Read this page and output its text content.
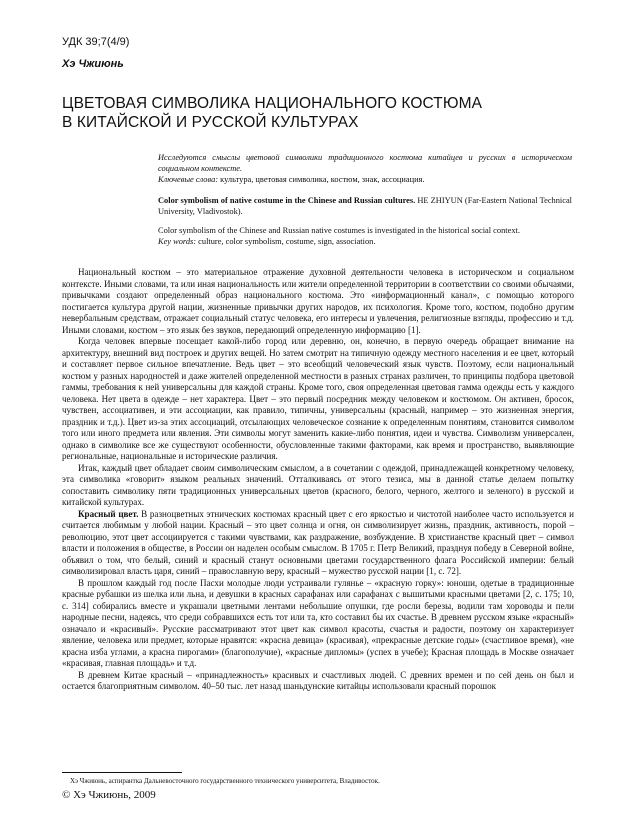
УДК 39;7(4/9)
Хэ Чжиюнь
ЦВЕТОВАЯ СИМВОЛИКА НАЦИОНАЛЬНОГО КОСТЮМА
В КИТАЙСКОЙ И РУССКОЙ КУЛЬТУРАХ

Исследуются смыслы цветовой символики традиционного костюма китайцев и русских в историческом социальном контексте.
Ключевые слова: культура, цветовая символика, костюм, знак, ассоциация.

Color symbolism of native costume in the Chinese and Russian cultures. HE ZHIYUN (Far-Eastern National Technical University, Vladivostok).

Color symbolism of the Chinese and Russian native costumes is investigated in the historical social context.
Key words: culture, color symbolism, costume, sign, association.

Национальный костюм – это материальное отражение духовной деятельности человека в историческом и социальном контексте. Иными словами, та или иная национальность или жители определенной территории в соответствии со своими обычаями, привычками создают определенный образ национального костюма. Это «информационный канал», с помощью которого постигается культура другой нации, жизненные привычки других народов, их психология. Кроме того, костюм, подобно другим невербальным средствам, отражает социальный статус человека, его интересы и увлечения, религиозные взгляды, профессию и т.д. Иными словами, костюм – это язык без звуков, передающий определенную информацию [1].

Когда человек впервые посещает какой-либо город или деревню, он, конечно, в первую очередь обращает внимание на архитектуру, внешний вид построек и других вещей. Но затем смотрит на типичную одежду местного населения и ее цвет, который и составляет первое сильное впечатление. Ведь цвет – это всеобщий человеческий язык чувств. Поэтому, если национальный костюм у разных народностей и даже жителей определенной местности в разных странах различен, то принципы подбора цветовой гаммы, требования к ней универсальны для каждой страны. Кроме того, своя определенная цветовая гамма одежды есть у каждого человека. Нет цвета в одежде – нет характера. Цвет – это первый посредник между человеком и костюмом. Он активен, бросок, чувствен, ассоциативен, и эти ассоциации, как правило, типичны, универсальны (красный, например – это жизненная энергия, праздник и т.д.). Цвет из-за этих ассоциаций, отсылающих человеческое сознание к определенным понятиям, становится символом того или иного предмета или явления. Эти символы могут заменить какие-либо понятия, идеи и чувства. Символизм универсален, однако в символике все же существуют особенности, обусловленные такими факторами, как время и пространство, выявляющие региональные, национальные и исторические различия.

Итак, каждый цвет обладает своим символическим смыслом, а в сочетании с одеждой, принадлежащей конкретному человеку, эта символика «говорит» языком реальных значений. Отталкиваясь от этого тезиса, мы в данной статье делаем попытку сопоставить символику пяти традиционных универсальных цветов (красного, белого, черного, желтого и зеленого) в русской и китайской культурах.

Красный цвет. В разноцветных этнических костюмах красный цвет с его яркостью и чистотой наиболее часто используется и считается любимым у любой нации. Красный – это цвет солнца и огня, он символизирует жизнь, праздник, активность, порой – революцию, этот цвет ассоциируется с такими чувствами, как раздражение, возбуждение. В христианстве красный цвет – символ власти и положения в обществе, в России он наделен особым смыслом. В 1705 г. Петр Великий, празднуя победу в Северной войне, объявил о том, что белый, синий и красный станут основными цветами государственного флага Российской империи: белый символизировал власть царя, синий – православную веру, красный – мужество русской нации [1, с. 72].

В прошлом каждый год после Пасхи молодые люди устраивали гулянье – «красную горку»: юноши, одетые в традиционные красные рубашки из шелка или льна, и девушки в красных сарафанах или сарафанах с вышитыми красными цветами [2, с. 175; 10, с. 314] собирались вместе и украшали цветными лентами небольшие опушки, где росли березы, водили там хороводы и пели народные песни, надеясь, что среди собравшихся есть тот или та, кто составил бы их счастье. В древнем русском языке «красный» означало и «красивый». Русские рассматривают этот цвет как символ красоты, счастья и радости, поэтому он характеризует явление, человека или предмет, которые нравятся: «красна девица» (красивая), «прекрасные детские годы» (счастливое время), «не красна изба углами, а красна пирогами» (благополучие), «красные дипломы» (успех в учебе); Красная площадь в Москве означает «красивая, главная площадь» и т.д.

В древнем Китае красный – «принадлежность» красивых и счастливых людей. С древних времен и по сей день он был и остается благоприятным символом. 40–50 тыс. лет назад шаньдунские китайцы использовали красный порошок

Хэ Чжиюнь, аспирантка Дальневосточного государственного технического университета, Владивосток.
© Хэ Чжиюнь, 2009
